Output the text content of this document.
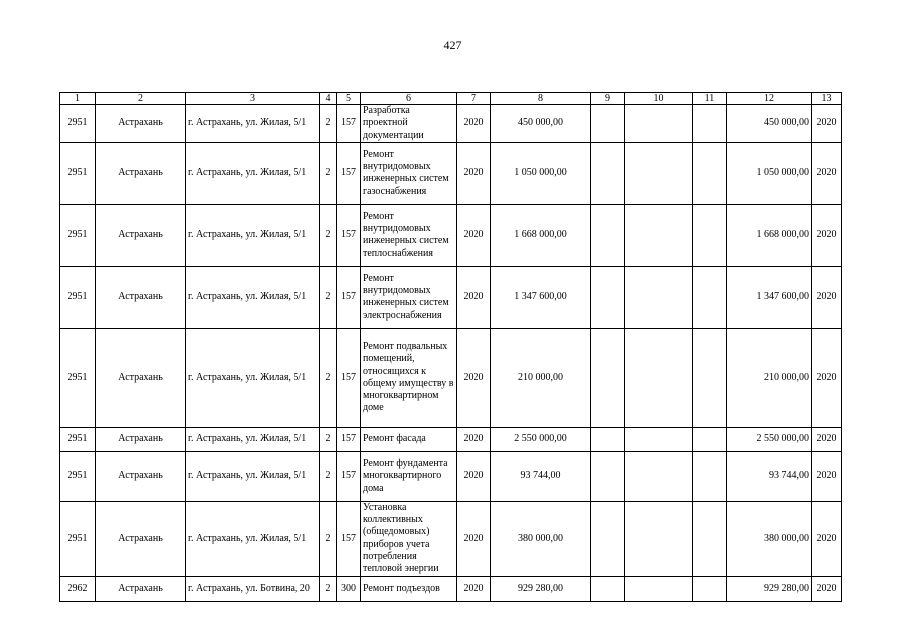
427
1	2	3	4	5	6	7	8	9	10	11	12	13
2951	Астрахань	г. Астрахань, ул. Жилая, 5/1	2	157	Разработка проектной документации	2020	450 000,00				450 000,00	2020
2951	Астрахань	г. Астрахань, ул. Жилая, 5/1	2	157	Ремонт внутридомовых инженерных систем газоснабжения	2020	1 050 000,00				1 050 000,00	2020
2951	Астрахань	г. Астрахань, ул. Жилая, 5/1	2	157	Ремонт внутридомовых инженерных систем теплоснабжения	2020	1 668 000,00				1 668 000,00	2020
2951	Астрахань	г. Астрахань, ул. Жилая, 5/1	2	157	Ремонт внутридомовых инженерных систем электроснабжения	2020	1 347 600,00				1 347 600,00	2020
2951	Астрахань	г. Астрахань, ул. Жилая, 5/1	2	157	Ремонт подвальных помещений, относящихся к общему имуществу в многоквартирном доме	2020	210 000,00				210 000,00	2020
2951	Астрахань	г. Астрахань, ул. Жилая, 5/1	2	157	Ремонт фасада	2020	2 550 000,00				2 550 000,00	2020
2951	Астрахань	г. Астрахань, ул. Жилая, 5/1	2	157	Ремонт фундамента многоквартирного дома	2020	93 744,00				93 744,00	2020
2951	Астрахань	г. Астрахань, ул. Жилая, 5/1	2	157	Установка коллективных (общедомовых) приборов учета потребления тепловой энергии	2020	380 000,00				380 000,00	2020
2962	Астрахань	г. Астрахань, ул. Ботвина, 20	2	300	Ремонт подъездов	2020	929 280,00				929 280,00	2020
